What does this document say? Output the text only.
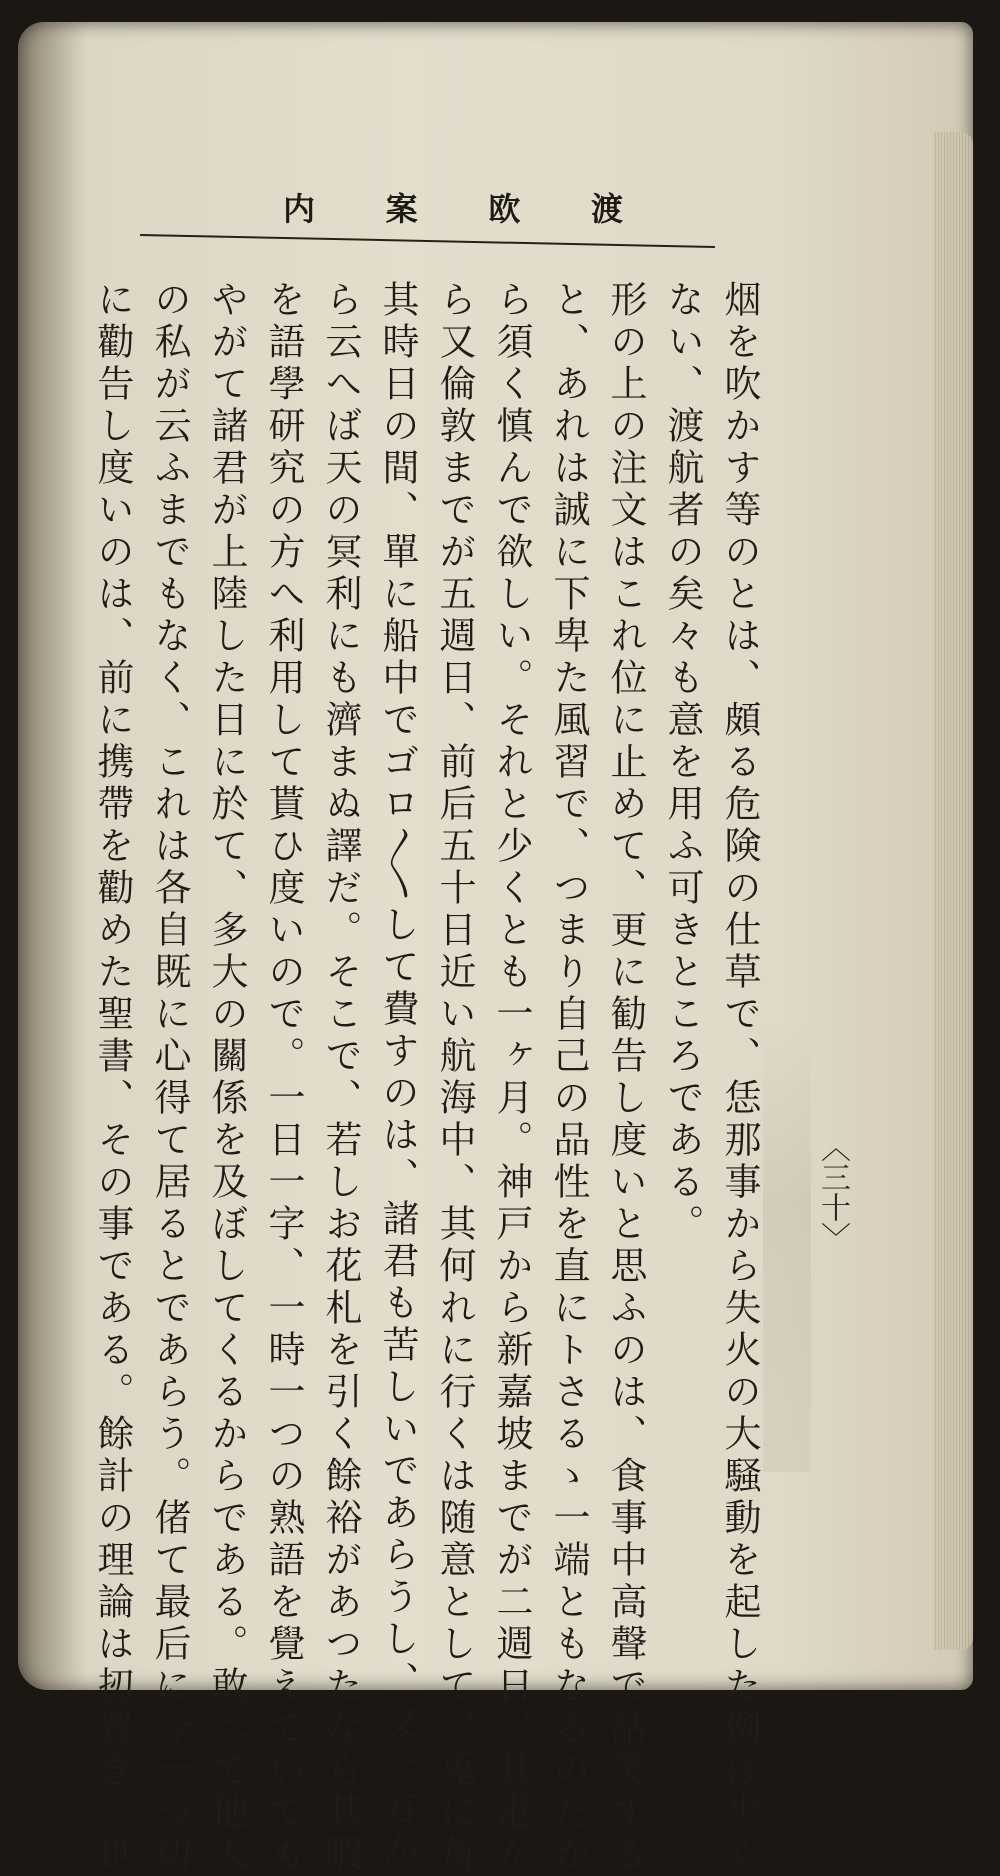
内 案 欧 渡
〈三十〉
烟を吹かす等のとは、頗る危険の仕草で、恁那事から失火の大騒動を起した例は少く
ない、渡航者の矣々も意を用ふ可きところである。
形の上の注文はこれ位に止めて、更に勧告し度いと思ふのは、食事中高聲で話笑する
と、あれは誠に下卑た風習で、つまり自己の品性を直にトさるゝ一端ともなるのだか
ら須く慎んで欲しい。それと少くとも一ヶ月。神戸から新嘉坡までが二週日、其港か
ら又倫敦までが五週日、前后五十日近い航海中、其何れに行くは随意として、兎に角
其時日の間、單に船中でゴロ〳〵して費すのは、諸君も苦しいであらうし、又一方か
ら云へば天の冥利にも濟まぬ譯だ。そこで、若しお花札を引く餘裕があつたなら其暇
を語學研究の方へ利用して貰ひ度いので。一日一字、一時一つの熟語を覺えていても
やがて諸君が上陸した日に於て、多大の關係を及ぼしてくるからである。敢へて他人
の私が云ふまでもなく、これは各自既に心得て居るとであらう。偖て最后に今一つ切
に勸告し度いのは、前に携帶を勸めた聖書、その事である。餘計の理論は扨置き、世
